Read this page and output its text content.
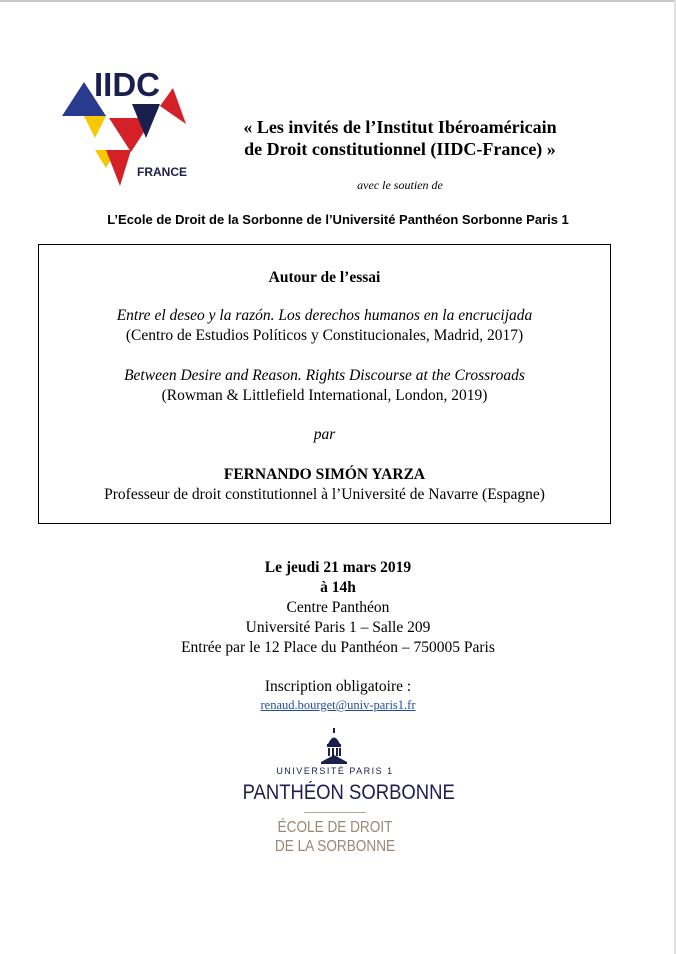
IIDC
FRANCE
« Les invités de l’Institut Ibéroaméricain
de Droit constitutionnel (IIDC-France) »
avec le soutien de
L’Ecole de Droit de la Sorbonne de l’Université Panthéon Sorbonne Paris 1
Autour de l’essai
Entre el deseo y la razón. Los derechos humanos en la encrucijada
(Centro de Estudios Políticos y Constitucionales, Madrid, 2017)
Between Desire and Reason. Rights Discourse at the Crossroads
(Rowman & Littlefield International, London, 2019)
par
FERNANDO SIMÓN YARZA
Professeur de droit constitutionnel à l’Université de Navarre (Espagne)
Le jeudi 21 mars 2019
à 14h
Centre Panthéon
Université Paris 1 – Salle 209
Entrée par le 12 Place du Panthéon – 750005 Paris
Inscription obligatoire :
renaud.bourget@univ-paris1.fr
UNIVERSITÉ PARIS 1
PANTHÉON SORBONNE
ÉCOLE DE DROIT
DE LA SORBONNE
